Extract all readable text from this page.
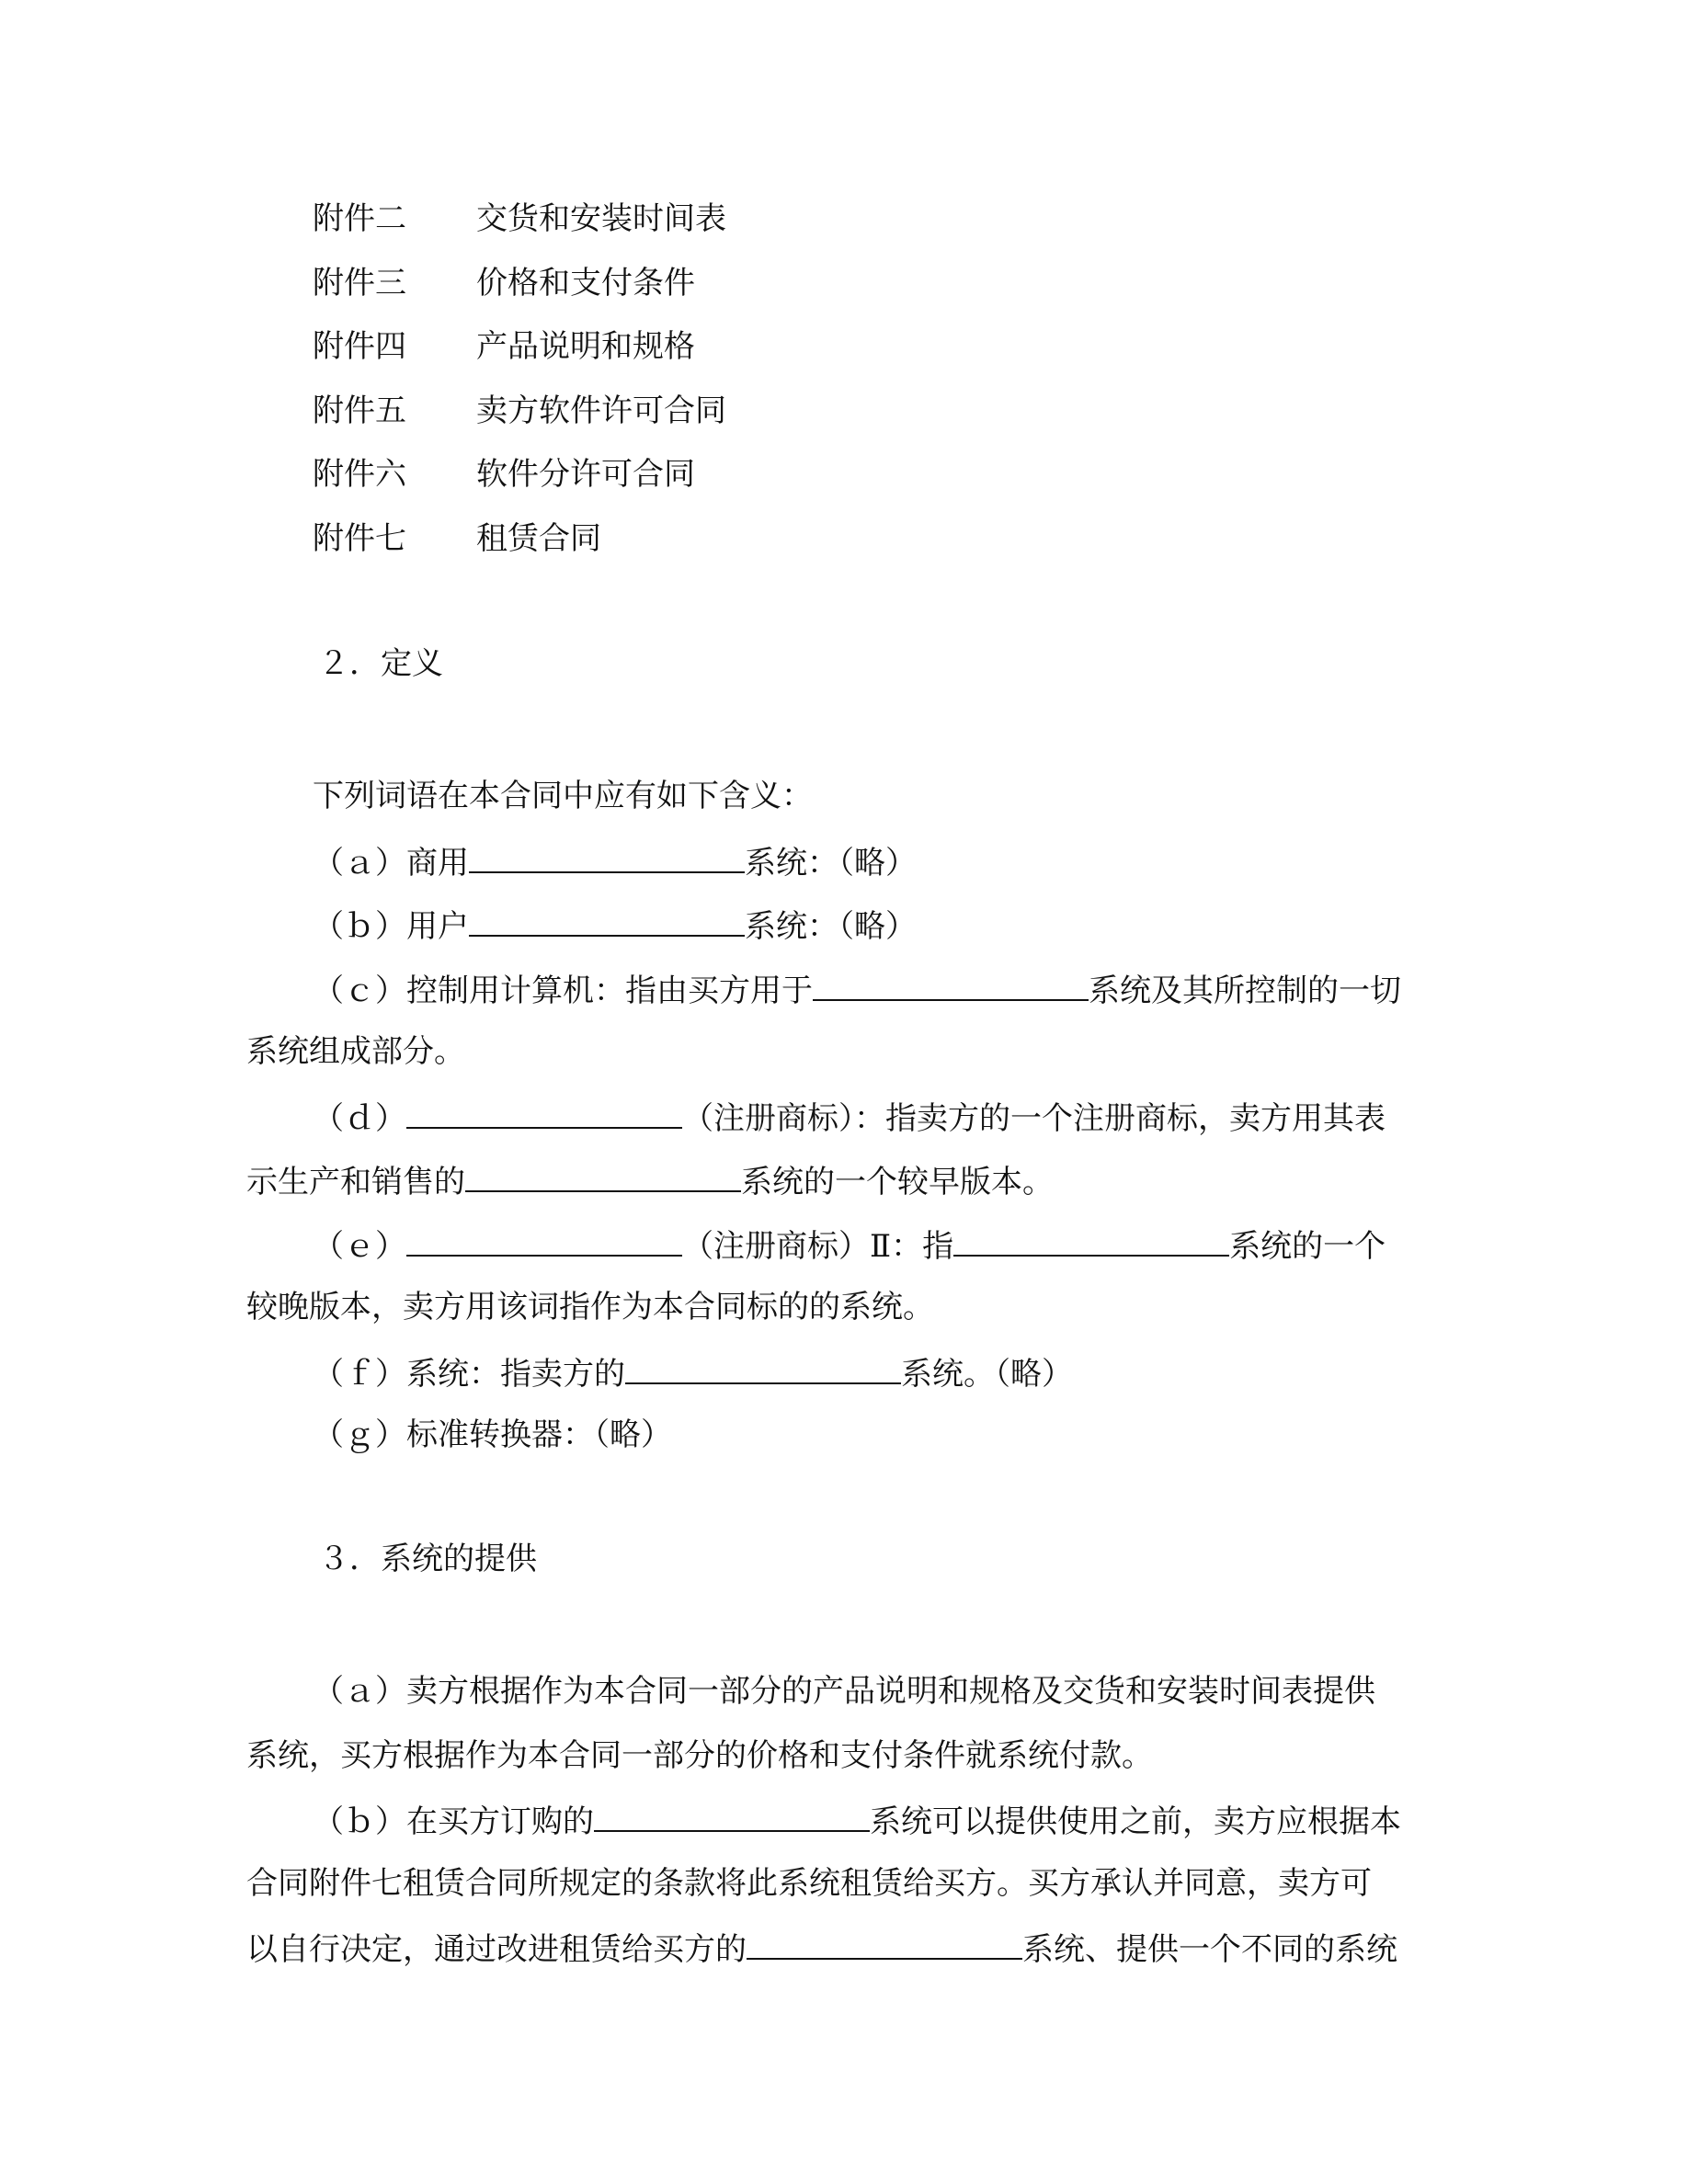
附件二 交货和安装时间表
附件三 价格和支付条件
附件四 产品说明和规格
附件五 卖方软件许可合同
附件六 软件分许可合同
附件七 租赁合同
２．定义
下列词语在本合同中应有如下含义：
（ａ）商用	系统：（略）
（ｂ）用户	系统：（略）
（ｃ）控制用计算机：指由买方用于	系统及其所控制的一切
系统组成部分。
（ｄ）	（注册商标）：指卖方的一个注册商标，卖方用其表
示生产和销售的	系统的一个较早版本。
（ｅ）	（注册商标）Ⅱ：指	系统的一个
较晚版本，卖方用该词指作为本合同标的的系统。
（ｆ）系统：指卖方的	系统。（略）
（ｇ）标准转换器：（略）
３．系统的提供
（ａ）卖方根据作为本合同一部分的产品说明和规格及交货和安装时间表提供
系统，买方根据作为本合同一部分的价格和支付条件就系统付款。
（ｂ）在买方订购的	系统可以提供使用之前，卖方应根据本
合同附件七租赁合同所规定的条款将此系统租赁给买方。买方承认并同意，卖方可
以自行决定，通过改进租赁给买方的	系统、提供一个不同的系统
